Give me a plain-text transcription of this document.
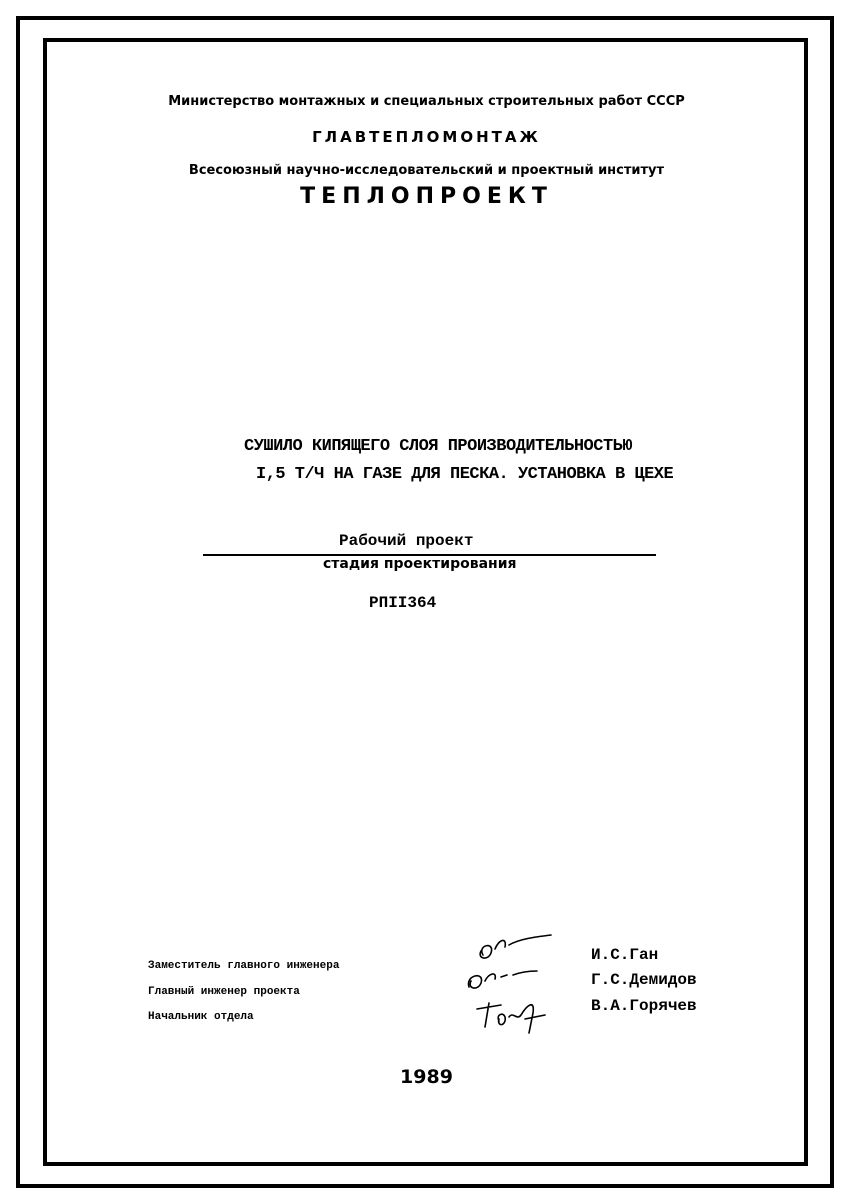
Министерство монтажных и специальных строительных работ СССР
ГЛАВТЕПЛОМОНТАЖ
Всесоюзный научно-исследовательский и проектный институт
ТЕПЛОПРОЕКТ
СУШИЛО КИПЯЩЕГО СЛОЯ ПРОИЗВОДИТЕЛЬНОСТЬЮ
I,5 Т/Ч НА ГАЗЕ ДЛЯ ПЕСКА. УСТАНОВКА В ЦЕХЕ
Рабочий проект
стадия проектирования
РПII364
Заместитель главного инженера
Главный инженер проекта
Начальник отдела
И.С.Ган
Г.С.Демидов
В.А.Горячев
1989
